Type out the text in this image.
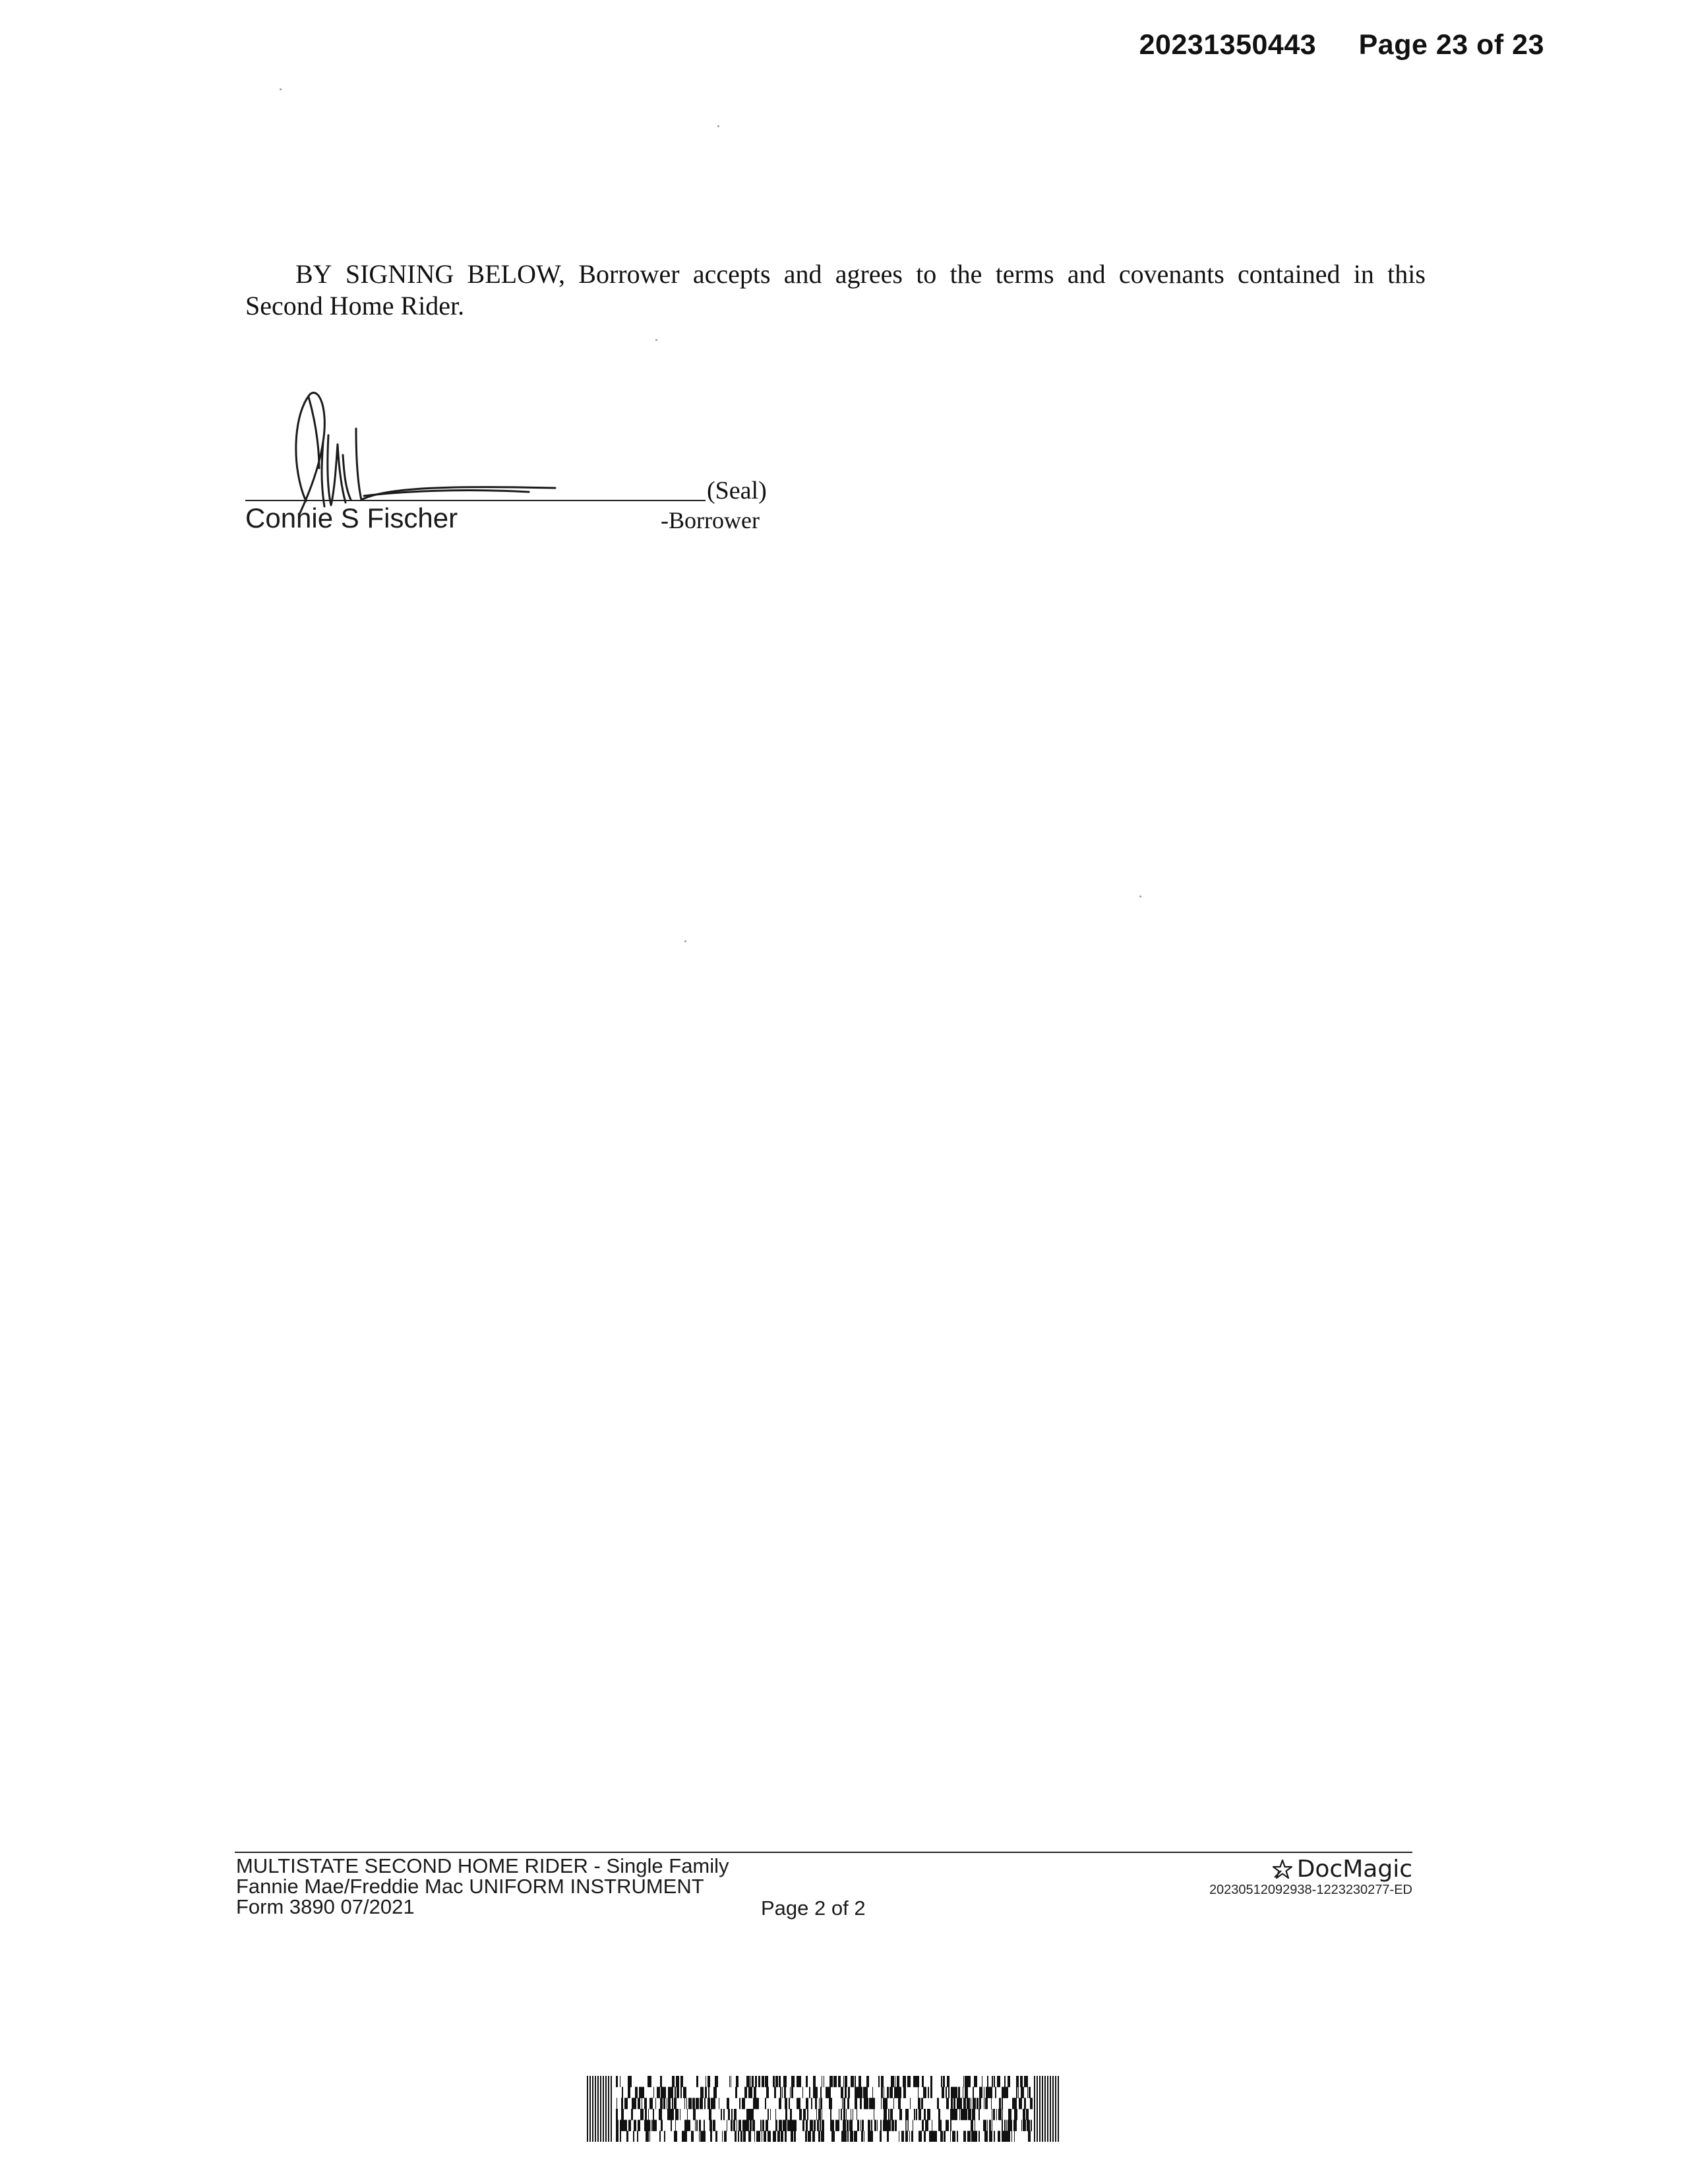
20231350443 Page 23 of 23
BY SIGNING BELOW, Borrower accepts and agrees to the terms and covenants contained in this
Second Home Rider.
(Seal)
Connie S Fischer	-Borrower
MULTISTATE SECOND HOME RIDER - Single Family
Fannie Mae/Freddie Mac UNIFORM INSTRUMENT
Form 3890 07/2021	Page 2 of 2
DocMagic
20230512092938-1223230277-ED
